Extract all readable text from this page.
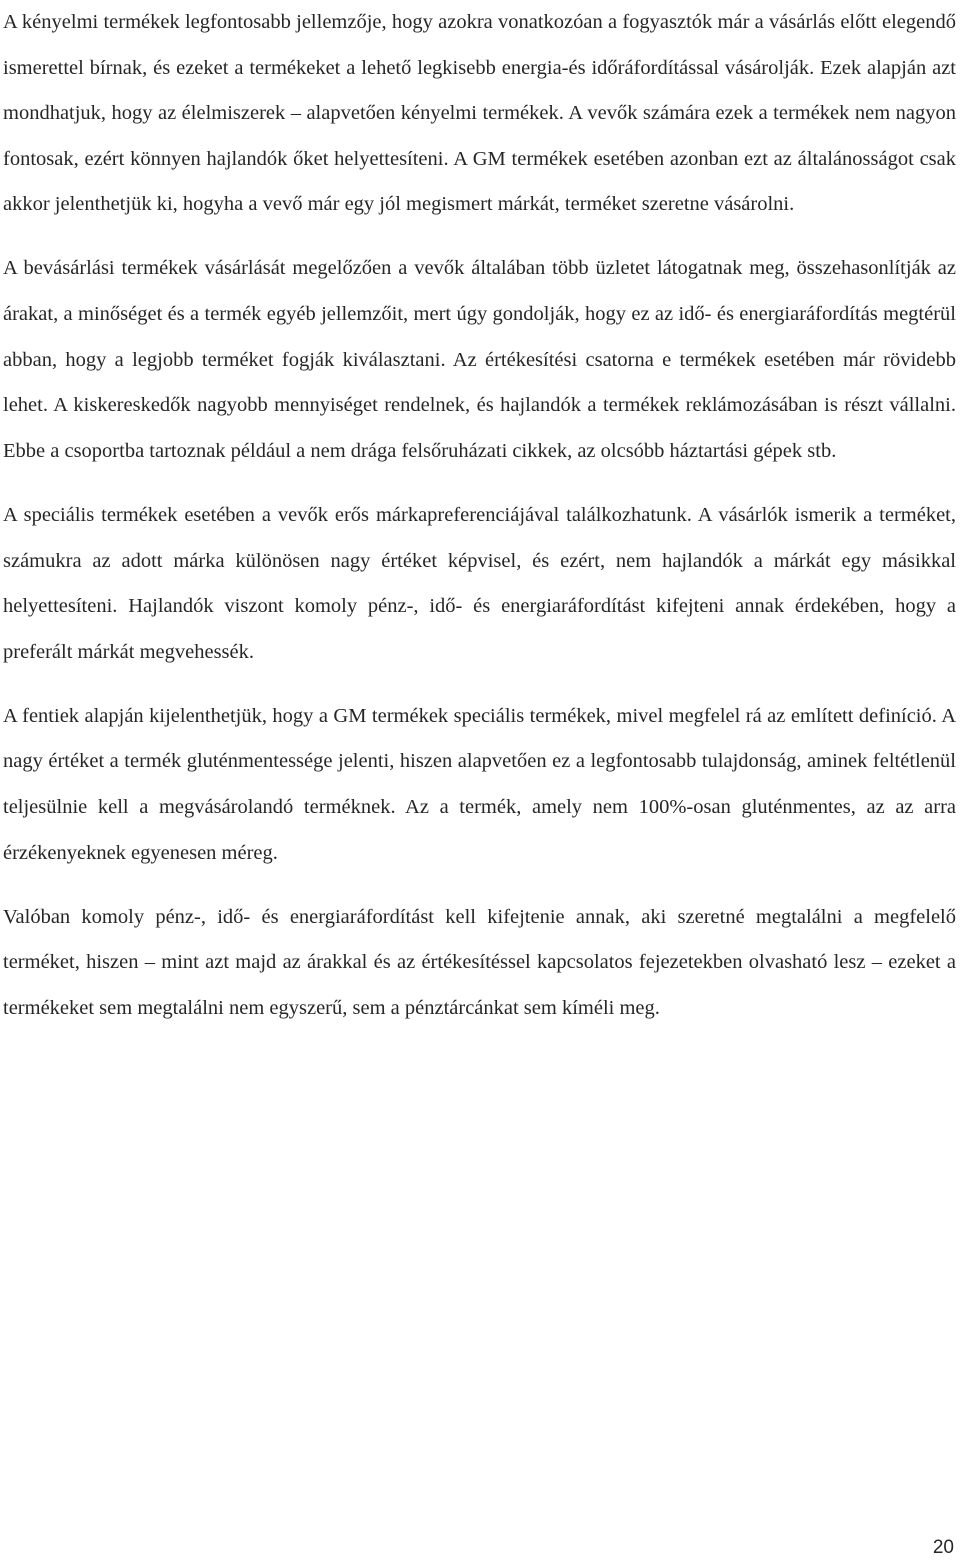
A kényelmi termékek legfontosabb jellemzője, hogy azokra vonatkozóan a fogyasztók már a vásárlás előtt elegendő ismerettel bírnak, és ezeket a termékeket a lehető legkisebb energia-és időráfordítással vásárolják. Ezek alapján azt mondhatjuk, hogy az élelmiszerek – alapvetően kényelmi termékek. A vevők számára ezek a termékek nem nagyon fontosak, ezért könnyen hajlandók őket helyettesíteni. A GM termékek esetében azonban ezt az általánosságot csak akkor jelenthetjük ki, hogyha a vevő már egy jól megismert márkát, terméket szeretne vásárolni.

A bevásárlási termékek vásárlását megelőzően a vevők általában több üzletet látogatnak meg, összehasonlítják az árakat, a minőséget és a termék egyéb jellemzőit, mert úgy gondolják, hogy ez az idő- és energiaráfordítás megtérül abban, hogy a legjobb terméket fogják kiválasztani. Az értékesítési csatorna e termékek esetében már rövidebb lehet. A kiskereskedők nagyobb mennyiséget rendelnek, és hajlandók a termékek reklámozásában is részt vállalni. Ebbe a csoportba tartoznak például a nem drága felsőruházati cikkek, az olcsóbb háztartási gépek stb.

A speciális termékek esetében a vevők erős márkapreferenciájával találkozhatunk. A vásárlók ismerik a terméket, számukra az adott márka különösen nagy értéket képvisel, és ezért, nem hajlandók a márkát egy másikkal helyettesíteni. Hajlandók viszont komoly pénz-, idő- és energiaráfordítást kifejteni annak érdekében, hogy a preferált márkát megvehessék.

A fentiek alapján kijelenthetjük, hogy a GM termékek speciális termékek, mivel megfelel rá az említett definíció. A nagy értéket a termék gluténmentessége jelenti, hiszen alapvetően ez a legfontosabb tulajdonság, aminek feltétlenül teljesülnie kell a megvásárolandó terméknek. Az a termék, amely nem 100%-osan gluténmentes, az az arra érzékenyeknek egyenesen méreg.

Valóban komoly pénz-, idő- és energiaráfordítást kell kifejtenie annak, aki szeretné megtalálni a megfelelő terméket, hiszen – mint azt majd az árakkal és az értékesítéssel kapcsolatos fejezetekben olvasható lesz – ezeket a termékeket sem megtalálni nem egyszerű, sem a pénztárcánkat sem kíméli meg.

20
